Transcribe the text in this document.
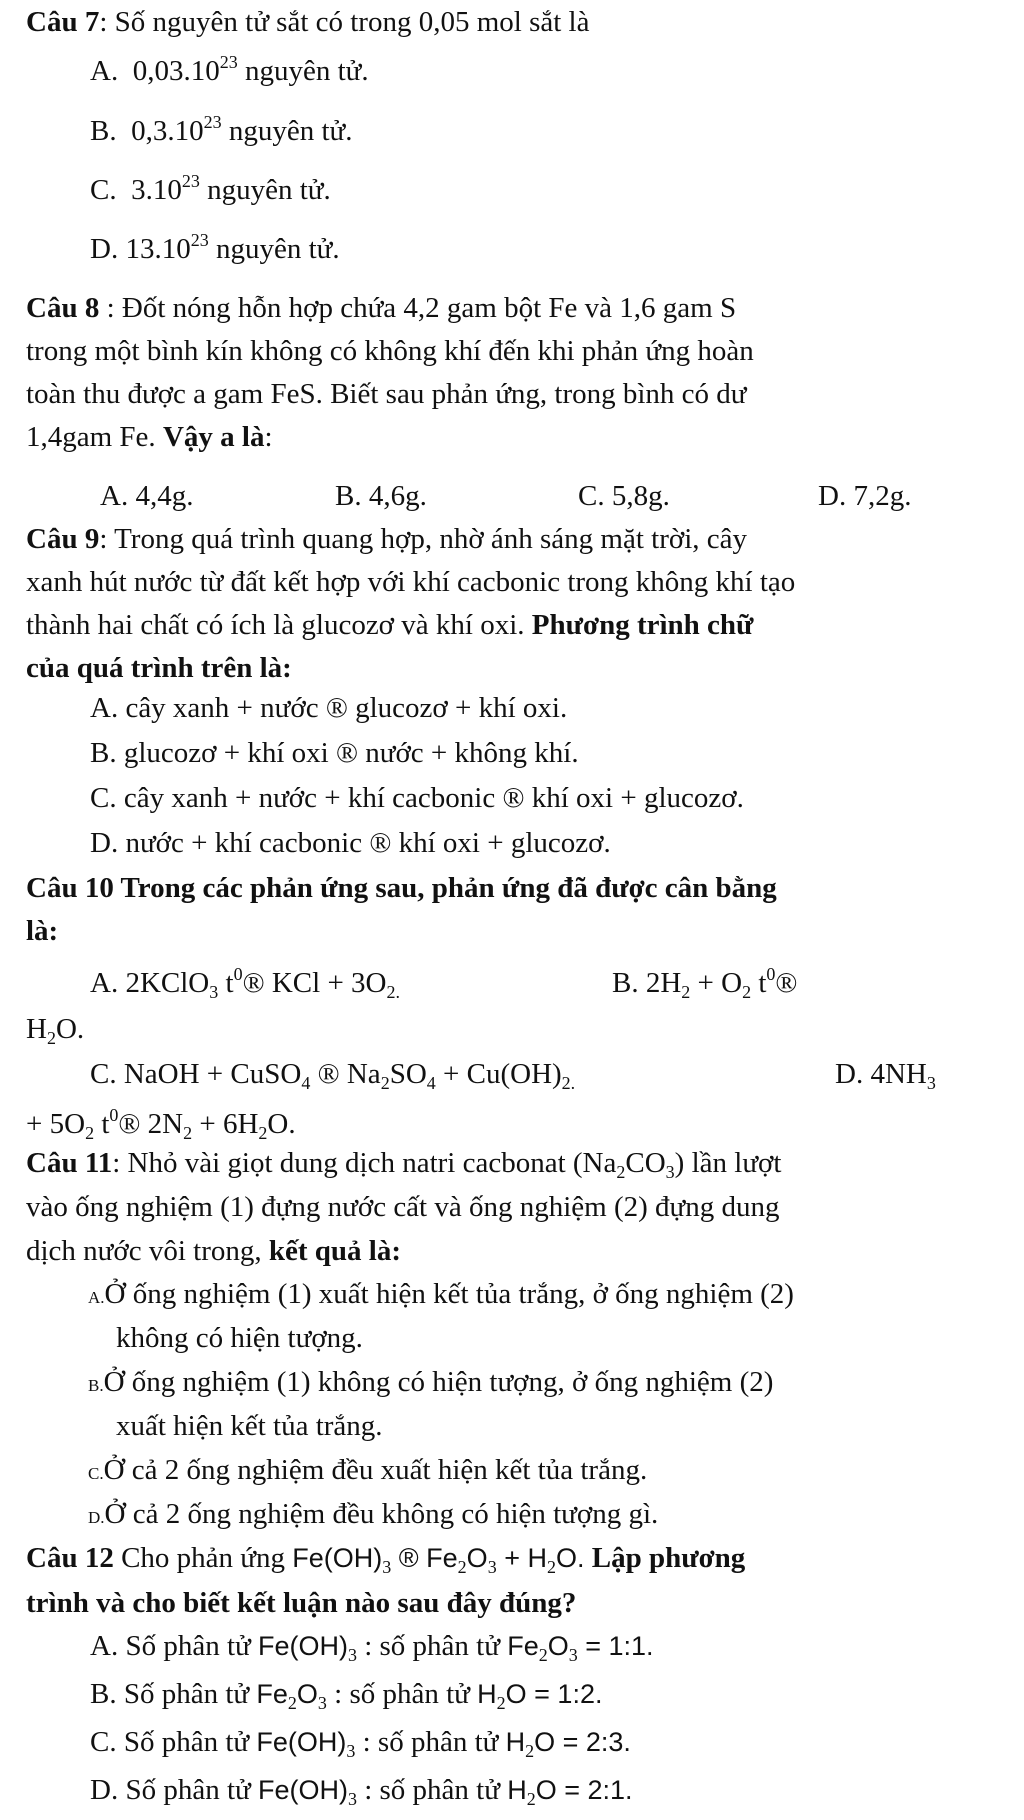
Câu 7: Số nguyên tử sắt có trong 0,05 mol sắt là
A. 0,03.10$^{23}$ nguyên tử.
B. 0,3.10$^{23}$ nguyên tử.
C. 3.10$^{23}$ nguyên tử.
D. 13.10$^{23}$ nguyên tử.
Câu 8 : Đốt nóng hỗn hợp chứa 4,2 gam bột Fe và 1,6 gam S
trong một bình kín không có không khí đến khi phản ứng hoàn
toàn thu được a gam FeS. Biết sau phản ứng, trong bình có dư
1,4gam Fe. Vậy a là:
A. 4,4g.	B. 4,6g.	C. 5,8g.	D. 7,2g.
Câu 9: Trong quá trình quang hợp, nhờ ánh sáng mặt trời, cây
xanh hút nước từ đất kết hợp với khí cacbonic trong không khí tạo
thành hai chất có ích là glucozơ và khí oxi. Phương trình chữ
của quá trình trên là:
A. cây xanh + nước ® glucozơ + khí oxi.
B. glucozơ + khí oxi ® nước + không khí.
C. cây xanh + nước + khí cacbonic ® khí oxi + glucozơ.
D. nước + khí cacbonic ® khí oxi + glucozơ.
Câu 10 Trong các phản ứng sau, phản ứng đã được cân bằng
là:
A. 2KClO$_3$ $t^0®$ KCl + $3O_{2.}$	B. $2H_2 + O_2$ $t^0®$
$H_2O$.
C. NaOH + CuSO$_4$ ® $Na_2SO_4 + Cu(OH)_{2.}$	D. $4NH_3$
+ $5O_2$ $t^0®$ $2N_2 + 6H_2O$.
Câu 11: Nhỏ vài giọt dung dịch natri cacbonat $(Na_2CO_3)$ lần lượt
vào ống nghiệm (1) đựng nước cất và ống nghiệm (2) đựng dung
dịch nước vôi trong, kết quả là:
A.Ở ống nghiệm (1) xuất hiện kết tủa trắng, ở ống nghiệm (2)
không có hiện tượng.
B.Ở ống nghiệm (1) không có hiện tượng, ở ống nghiệm (2)
xuất hiện kết tủa trắng.
C.Ở cả 2 ống nghiệm đều xuất hiện kết tủa trắng.
D.Ở cả 2 ống nghiệm đều không có hiện tượng gì.
Câu 12 Cho phản ứng $Fe(OH)_3$ ® $Fe_2O_3 + H_2O$. Lập phương
trình và cho biết kết luận nào sau đây đúng?
A. Số phân tử $Fe(OH)_3$ : số phân tử $Fe_2O_3$ = 1:1.
B. Số phân tử $Fe_2O_3$ : số phân tử $H_2O$ = 1:2.
C. Số phân tử $Fe(OH)_3$ : số phân tử $H_2O$ = 2:3.
D. Số phân tử $Fe(OH)_3$ : số phân tử $H_2O$ = 2:1.
